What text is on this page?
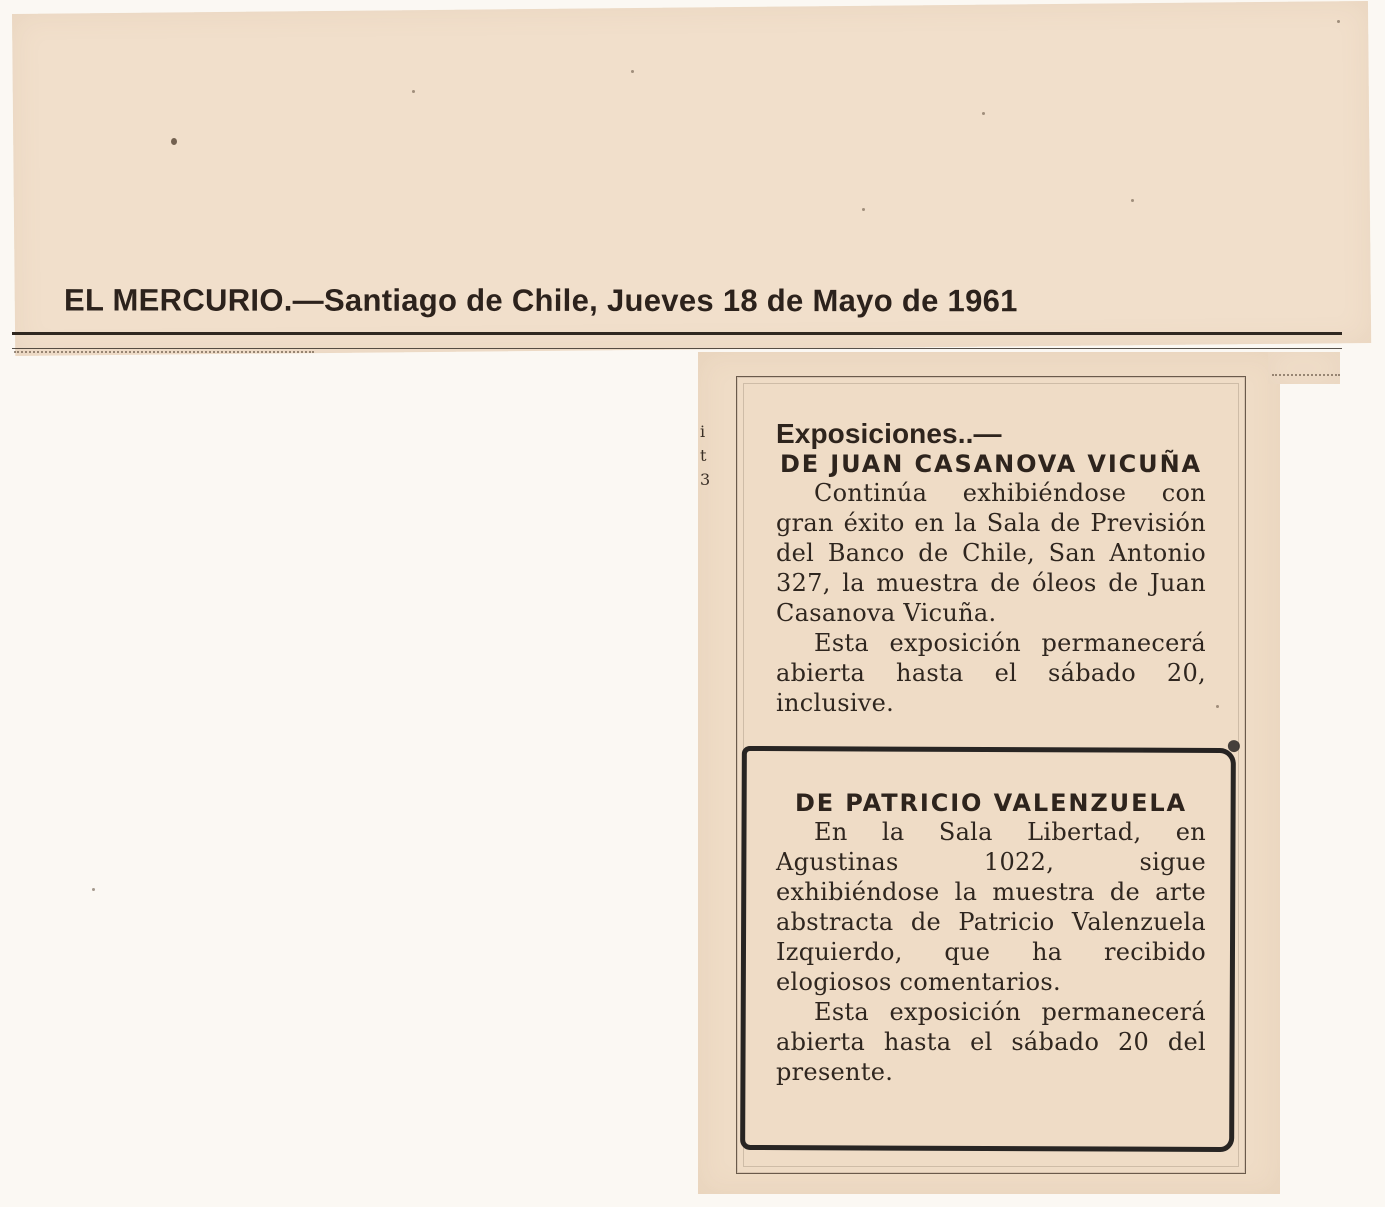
EL MERCURIO.—Santiago de Chile, Jueves 18 de Mayo de 1961
i
t
3
Exposiciones..—
DE JUAN CASANOVA VICUÑA

Continúa exhibiéndose con gran éxito en la Sala de Previsión del Banco de Chile, San Antonio 327, la muestra de óleos de Juan Casanova Vicuña.

Esta exposición permanecerá abierta hasta el sábado 20, inclusive.

DE PATRICIO VALENZUELA

En la Sala Libertad, en Agustinas 1022, sigue exhibiéndose la muestra de arte abstracta de Patricio Valenzuela Izquierdo, que ha recibido elogiosos comentarios.

Esta exposición permanecerá abierta hasta el sábado 20 del presente.
